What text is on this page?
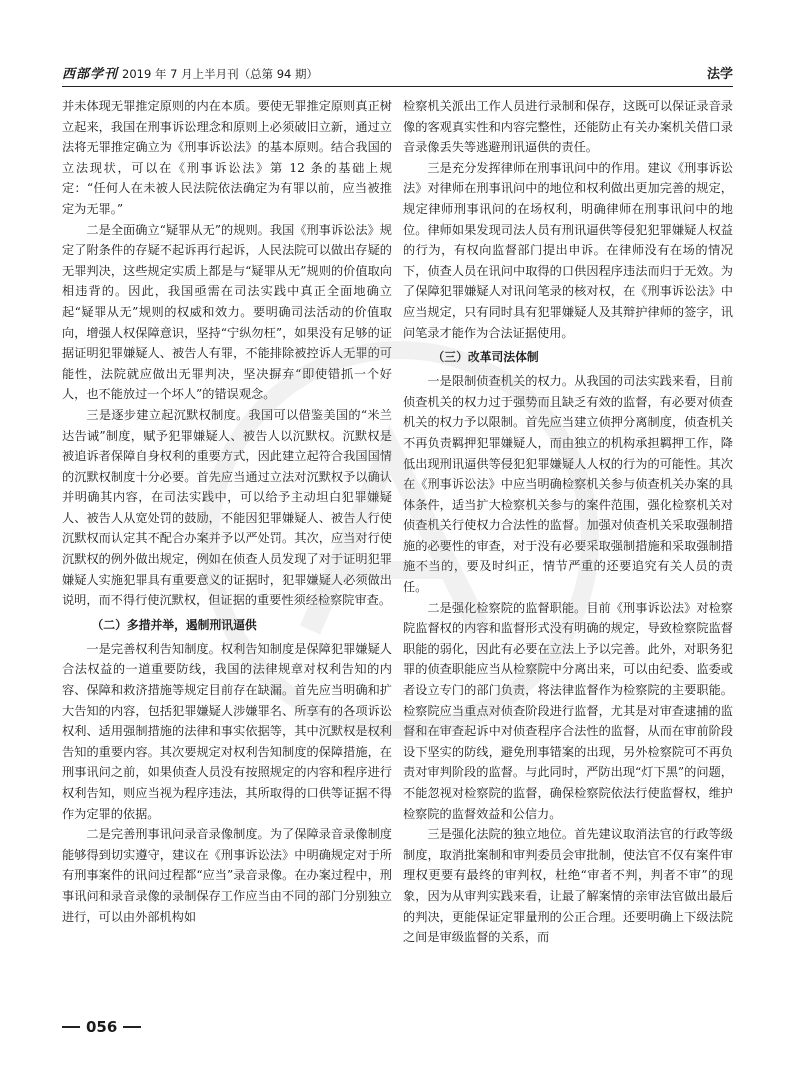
西部学刊 2019 年 7 月上半月刊（总第 94 期）	法学

并未体现无罪推定原则的内在本质。要使无罪推定原则真正树立起来，我国在刑事诉讼理念和原则上必须破旧立新，通过立法将无罪推定确立为《刑事诉讼法》的基本原则。结合我国的立法现状，可以在《刑事诉讼法》第 12 条的基础上规定：“任何人在未被人民法院依法确定为有罪以前，应当被推定为无罪。”

二是全面确立“疑罪从无”的规则。我国《刑事诉讼法》规定了附条件的存疑不起诉再行起诉，人民法院可以做出存疑的无罪判决，这些规定实质上都是与“疑罪从无”规则的价值取向相违背的。因此，我国亟需在司法实践中真正全面地确立起“疑罪从无”规则的权威和效力。要明确司法活动的价值取向，增强人权保障意识，坚持“宁纵勿枉”，如果没有足够的证据证明犯罪嫌疑人、被告人有罪，不能排除被控诉人无罪的可能性，法院就应做出无罪判决，坚决摒弃“即使错抓一个好人，也不能放过一个坏人”的错误观念。

三是逐步建立起沉默权制度。我国可以借鉴美国的“米兰达告诫”制度，赋予犯罪嫌疑人、被告人以沉默权。沉默权是被追诉者保障自身权利的重要方式，因此建立起符合我国国情的沉默权制度十分必要。首先应当通过立法对沉默权予以确认并明确其内容，在司法实践中，可以给予主动坦白犯罪嫌疑人、被告人从宽处罚的鼓励，不能因犯罪嫌疑人、被告人行使沉默权而认定其不配合办案并予以严处罚。其次，应当对行使沉默权的例外做出规定，例如在侦查人员发现了对于证明犯罪嫌疑人实施犯罪具有重要意义的证据时，犯罪嫌疑人必须做出说明，而不得行使沉默权，但证据的重要性须经检察院审查。

（二）多措并举，遏制刑讯逼供

一是完善权利告知制度。权利告知制度是保障犯罪嫌疑人合法权益的一道重要防线，我国的法律规章对权利告知的内容、保障和救济措施等规定目前存在缺漏。首先应当明确和扩大告知的内容，包括犯罪嫌疑人涉嫌罪名、所享有的各项诉讼权利、适用强制措施的法律和事实依据等，其中沉默权是权利告知的重要内容。其次要规定对权利告知制度的保障措施，在刑事讯问之前，如果侦查人员没有按照规定的内容和程序进行权利告知，则应当视为程序违法，其所取得的口供等证据不得作为定罪的依据。

二是完善刑事讯问录音录像制度。为了保障录音录像制度能够得到切实遵守，建议在《刑事诉讼法》中明确规定对于所有刑事案件的讯问过程都“应当”录音录像。在办案过程中，刑事讯问和录音录像的录制保存工作应当由不同的部门分别独立进行，可以由外部机构如

检察机关派出工作人员进行录制和保存，这既可以保证录音录像的客观真实性和内容完整性，还能防止有关办案机关借口录音录像丢失等逃避刑讯逼供的责任。

三是充分发挥律师在刑事讯问中的作用。建议《刑事诉讼法》对律师在刑事讯问中的地位和权利做出更加完善的规定，规定律师刑事讯问的在场权利，明确律师在刑事讯问中的地位。律师如果发现司法人员有刑讯逼供等侵犯犯罪嫌疑人权益的行为，有权向监督部门提出申诉。在律师没有在场的情况下，侦查人员在讯问中取得的口供因程序违法而归于无效。为了保障犯罪嫌疑人对讯问笔录的核对权，在《刑事诉讼法》中应当规定，只有同时具有犯罪嫌疑人及其辩护律师的签字，讯问笔录才能作为合法证据使用。

（三）改革司法体制

一是限制侦查机关的权力。从我国的司法实践来看，目前侦查机关的权力过于强势而且缺乏有效的监督，有必要对侦查机关的权力予以限制。首先应当建立侦押分离制度，侦查机关不再负责羁押犯罪嫌疑人，而由独立的机构承担羁押工作，降低出现刑讯逼供等侵犯犯罪嫌疑人人权的行为的可能性。其次在《刑事诉讼法》中应当明确检察机关参与侦查机关办案的具体条件，适当扩大检察机关参与的案件范围，强化检察机关对侦查机关行使权力合法性的监督。加强对侦查机关采取强制措施的必要性的审查，对于没有必要采取强制措施和采取强制措施不当的，要及时纠正，情节严重的还要追究有关人员的责任。

二是强化检察院的监督职能。目前《刑事诉讼法》对检察院监督权的内容和监督形式没有明确的规定，导致检察院监督职能的弱化，因此有必要在立法上予以完善。此外，对职务犯罪的侦查职能应当从检察院中分离出来，可以由纪委、监委或者设立专门的部门负责，将法律监督作为检察院的主要职能。检察院应当重点对侦查阶段进行监督，尤其是对审查逮捕的监督和在审查起诉中对侦查程序合法性的监督，从而在审前阶段设下坚实的防线，避免刑事错案的出现，另外检察院可不再负责对审判阶段的监督。与此同时，严防出现“灯下黑”的问题，不能忽视对检察院的监督，确保检察院依法行使监督权，维护检察院的监督效益和公信力。

三是强化法院的独立地位。首先建议取消法官的行政等级制度，取消批案制和审判委员会审批制，使法官不仅有案件审理权更要有最终的审判权，杜绝“审者不判，判者不审”的现象，因为从审判实践来看，让最了解案情的亲审法官做出最后的判决，更能保证定罪量刑的公正合理。还要明确上下级法院之间是审级监督的关系，而

056
